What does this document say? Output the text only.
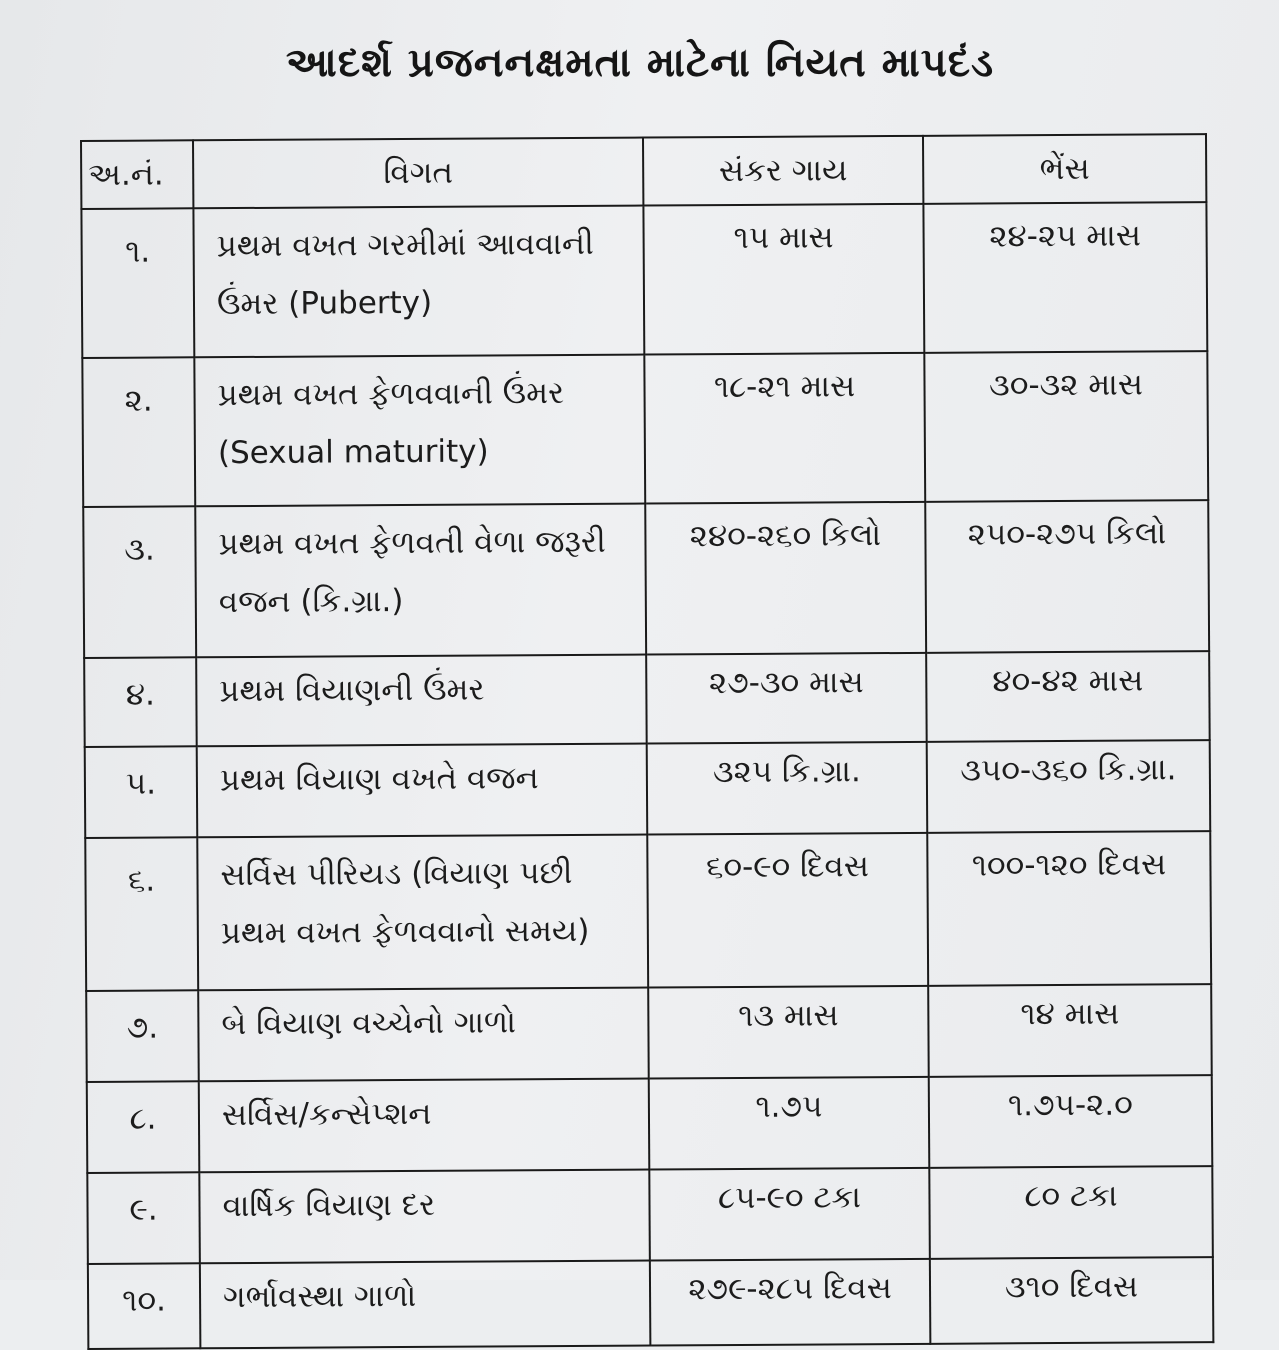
આદર્શ પ્રજનનક્ષમતા માટેના નિયત માપદંડ
અ.નં.	વિગત	સંકર ગાય	ભેંસ
૧.	પ્રથમ વખત ગરમીમાં આવવાની ઉંમર (Puberty)	૧૫ માસ	૨૪-૨૫ માસ
૨.	પ્રથમ વખત ફેળવવાની ઉંમર (Sexual maturity)	૧૮-૨૧ માસ	૩૦-૩૨ માસ
૩.	પ્રથમ વખત ફેળવતી વેળા જરૂરી વજન (કિ.ગ્રા.)	૨૪૦-૨૬૦ કિલો	૨૫૦-૨૭૫ કિલો
૪.	પ્રથમ વિયાણની ઉંમર	૨૭-૩૦ માસ	૪૦-૪૨ માસ
૫.	પ્રથમ વિયાણ વખતે વજન	૩૨૫ કિ.ગ્રા.	૩૫૦-૩૬૦ કિ.ગ્રા.
૬.	સર્વિસ પીરિયડ (વિયાણ પછી પ્રથમ વખત ફેળવવાનો સમય)	૬૦-૯૦ દિવસ	૧૦૦-૧૨૦ દિવસ
૭.	બે વિયાણ વચ્ચેનો ગાળો	૧૩ માસ	૧૪ માસ
૮.	સર્વિસ/કન્સેપ્શન	૧.૭૫	૧.૭૫-૨.૦
૯.	વાર્ષિક વિયાણ દર	૮૫-૯૦ ટકા	૮૦ ટકા
૧૦.	ગર્ભાવસ્થા ગાળો	૨૭૯-૨૮૫ દિવસ	૩૧૦ દિવસ
